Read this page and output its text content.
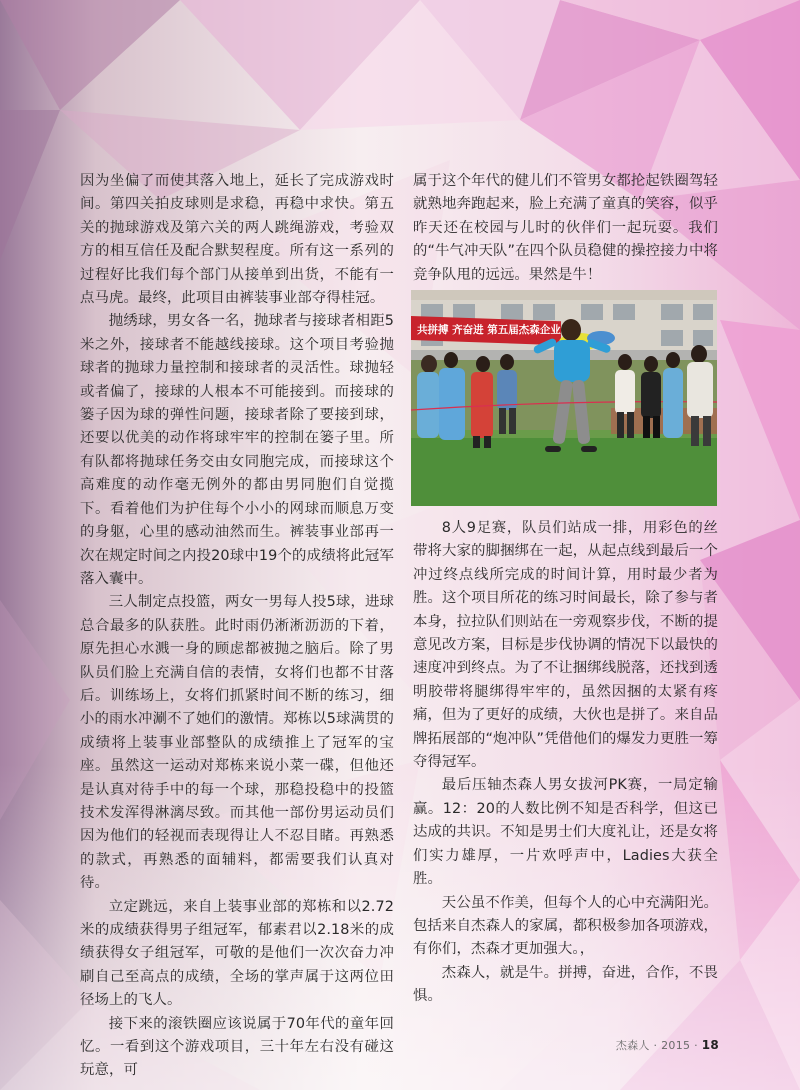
因为坐偏了而使其落入地上，延长了完成游戏时间。第四关拍皮球则是求稳，再稳中求快。第五关的抛球游戏及第六关的两人跳绳游戏，考验双方的相互信任及配合默契程度。所有这一系列的过程好比我们每个部门从接单到出货，不能有一点马虎。最终，此项目由裤装事业部夺得桂冠。

抛绣球，男女各一名，抛球者与接球者相距5米之外，接球者不能越线接球。这个项目考验抛球者的抛球力量控制和接球者的灵活性。球抛轻或者偏了，接球的人根本不可能接到。而接球的篓子因为球的弹性问题，接球者除了要接到球，还要以优美的动作将球牢牢的控制在篓子里。所有队都将抛球任务交由女同胞完成，而接球这个高难度的动作毫无例外的都由男同胞们自觉揽下。看着他们为护住每个小小的网球而顺息万变的身躯，心里的感动油然而生。裤装事业部再一次在规定时间之内投20球中19个的成绩将此冠军落入囊中。

三人制定点投篮，两女一男每人投5球，进球总合最多的队获胜。此时雨仍淅淅沥沥的下着，原先担心水溅一身的顾虑都被抛之脑后。除了男队员们脸上充满自信的表情，女将们也都不甘落后。训练场上，女将们抓紧时间不断的练习，细小的雨水冲涮不了她们的激情。郑栋以5球满贯的成绩将上装事业部整队的成绩推上了冠军的宝座。虽然这一运动对郑栋来说小菜一碟，但他还是认真对待手中的每一个球，那稳投稳中的投篮技术发浑得淋漓尽致。而其他一部份男运动员们因为他们的轻视而表现得让人不忍目睹。再熟悉的款式，再熟悉的面辅料，都需要我们认真对待。

立定跳远，来自上装事业部的郑栋和以2.72米的成绩获得男子组冠军，郁素君以2.18米的成绩获得女子组冠军，可敬的是他们一次次奋力冲刷自己至高点的成绩，全场的掌声属于这两位田径场上的飞人。

接下来的滚铁圈应该说属于70年代的童年回忆。一看到这个游戏项目，三十年左右没有碰这玩意，可

属于这个年代的健儿们不管男女都抡起铁圈驾轻就熟地奔跑起来，脸上充满了童真的笑容，似乎昨天还在校园与儿时的伙伴们一起玩耍。我们的“牛气冲天队”在四个队员稳健的操控接力中将竞争队甩的远远。果然是牛！

共拼搏 齐奋进 第五届杰森企业

8人9足赛，队员们站成一排，用彩色的丝带将大家的脚捆绑在一起，从起点线到最后一个冲过终点线所完成的时间计算，用时最少者为胜。这个项目所花的练习时间最长，除了参与者本身，拉拉队们则站在一旁观察步伐，不断的提意见改方案，目标是步伐协调的情况下以最快的速度冲到终点。为了不让捆绑线脱落，还找到透明胶带将腿绑得牢牢的，虽然因捆的太紧有疼痛，但为了更好的成绩，大伙也是拼了。来自品牌拓展部的“炮冲队”凭借他们的爆发力更胜一筹夺得冠军。

最后压轴杰森人男女拔河PK赛，一局定输赢。12：20的人数比例不知是否科学，但这已达成的共识。不知是男士们大度礼让，还是女将们实力雄厚，一片欢呼声中，Ladies大获全胜。

天公虽不作美，但每个人的心中充满阳光。包括来自杰森人的家属，都积极参加各项游戏，有你们，杰森才更加强大。，

杰森人，就是牛。拼搏，奋进，合作，不畏惧。

杰森人 · 2015 · 18
